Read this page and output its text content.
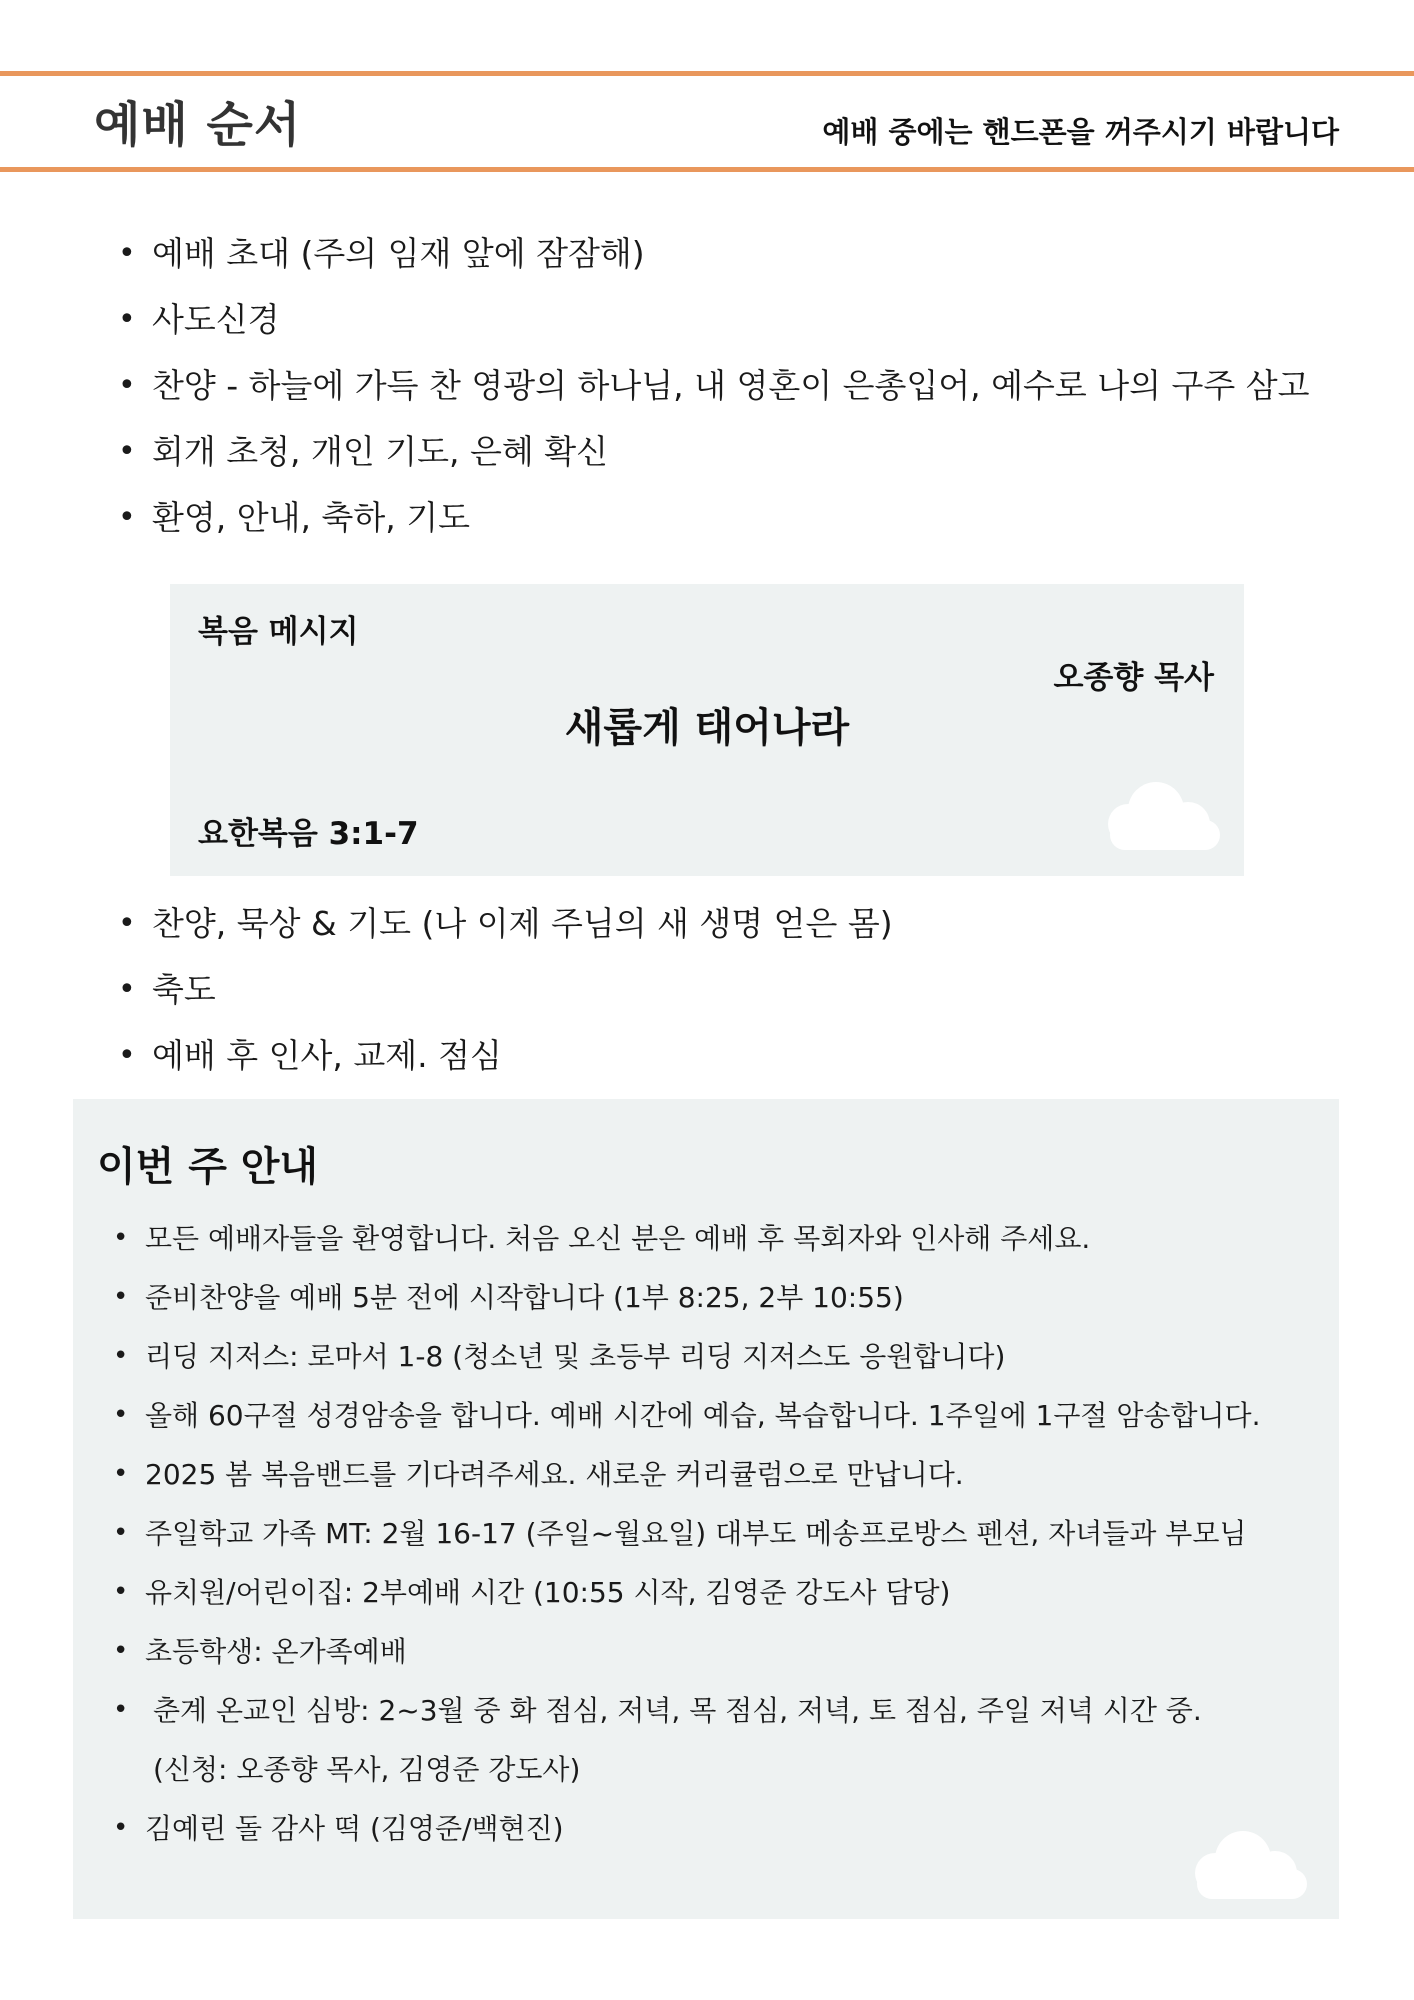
예배 순서	예배 중에는 핸드폰을 꺼주시기 바랍니다
• 예배 초대 (주의 임재 앞에 잠잠해)
• 사도신경
• 찬양 - 하늘에 가득 찬 영광의 하나님, 내 영혼이 은총입어, 예수로 나의 구주 삼고
• 회개 초청, 개인 기도, 은혜 확신
• 환영, 안내, 축하, 기도
복음 메시지
오종향 목사
새롭게 태어나라
요한복음 3:1-7
• 찬양, 묵상 & 기도 (나 이제 주님의 새 생명 얻은 몸)
• 축도
• 예배 후 인사, 교제. 점심
이번 주 안내
• 모든 예배자들을 환영합니다. 처음 오신 분은 예배 후 목회자와 인사해 주세요.
• 준비찬양을 예배 5분 전에 시작합니다 (1부 8:25, 2부 10:55)
• 리딩 지저스: 로마서 1-8 (청소년 및 초등부 리딩 지저스도 응원합니다)
• 올해 60구절 성경암송을 합니다. 예배 시간에 예습, 복습합니다. 1주일에 1구절 암송합니다.
• 2025 봄 복음밴드를 기다려주세요. 새로운 커리큘럼으로 만납니다.
• 주일학교 가족 MT: 2월 16-17 (주일~월요일) 대부도 메송프로방스 펜션, 자녀들과 부모님
• 유치원/어린이집: 2부예배 시간 (10:55 시작, 김영준 강도사 담당)
• 초등학생: 온가족예배
• 춘계 온교인 심방: 2~3월 중 화 점심, 저녁, 목 점심, 저녁, 토 점심, 주일 저녁 시간 중.
(신청: 오종향 목사, 김영준 강도사)
• 김예린 돌 감사 떡 (김영준/백현진)
